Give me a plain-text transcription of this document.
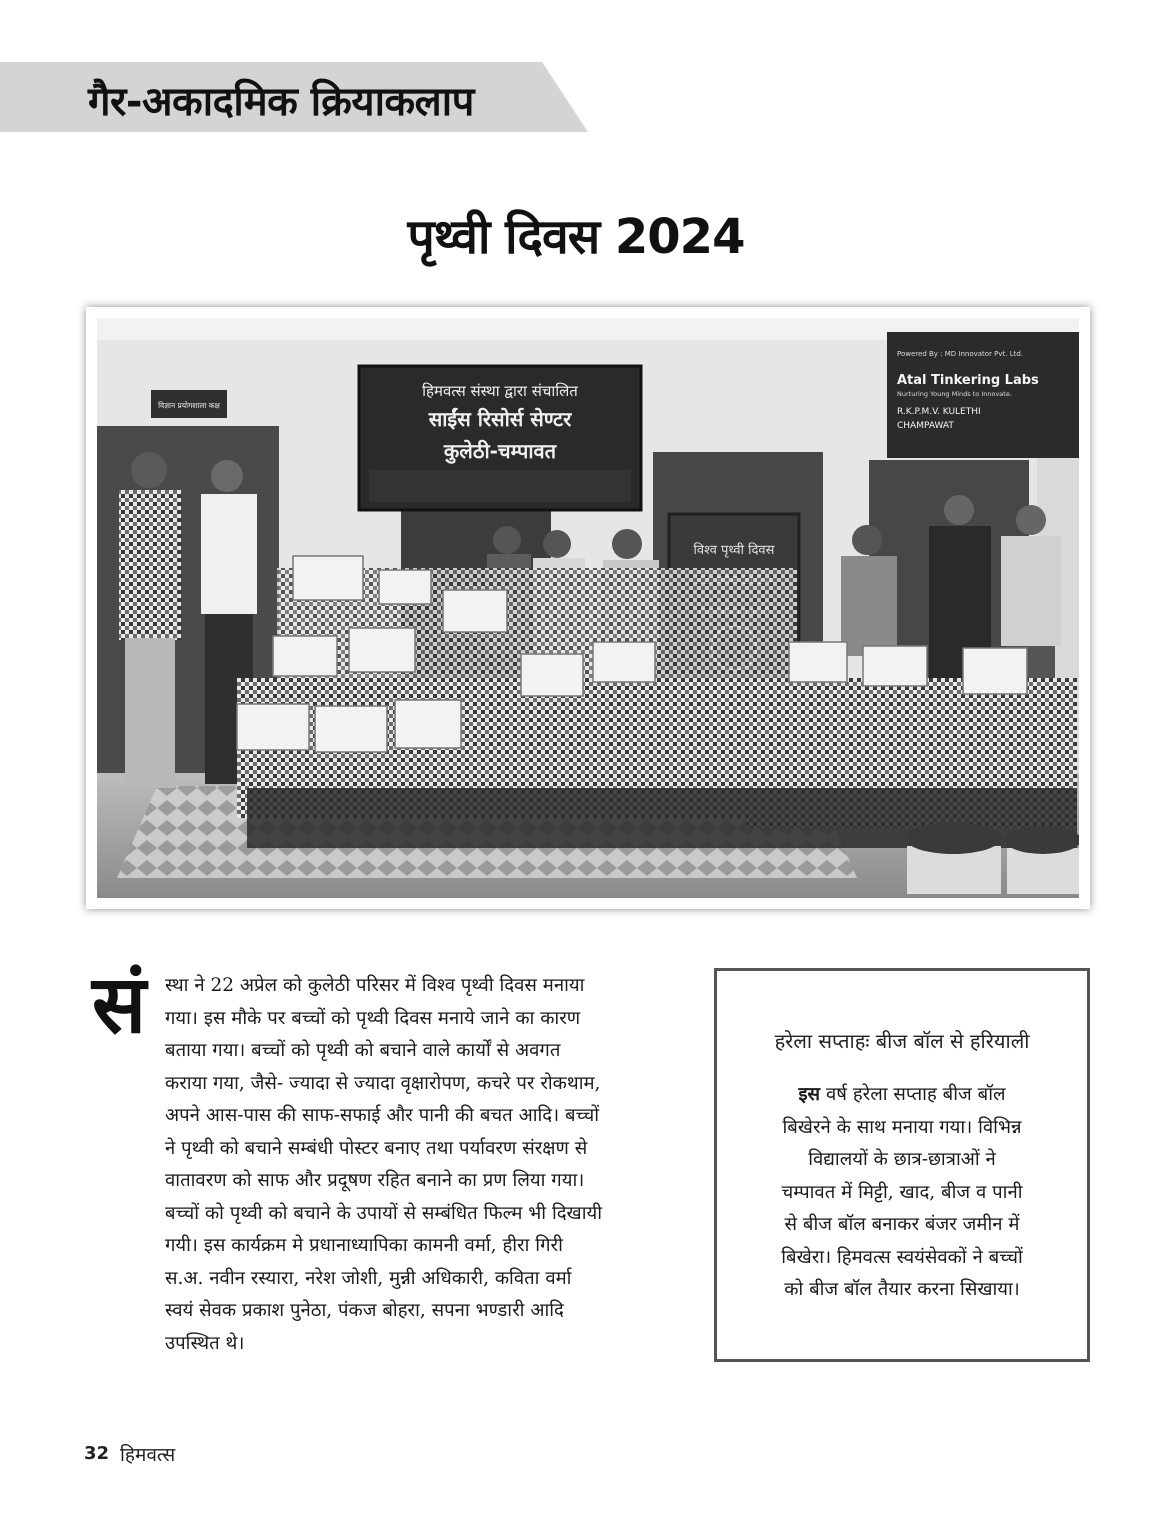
गैर-अकादमिक क्रियाकलाप
पृथ्वी दिवस 2024
हिमवत्स संस्था द्वारा संचालित
साईंस रिसोर्स सेण्टर
कुलेठी-चम्पावत
विज्ञान प्रयोगशाला कक्ष
Powered By : MD Innovator Pvt. Ltd.
Atal Tinkering Labs
Nurturing Young Minds to Innovate.
R.K.P.M.V. KULETHI
CHAMPAWAT
विश्व पृथ्वी दिवस
सं स्था ने 22 अप्रेल को कुलेठी परिसर में विश्व पृथ्वी दिवस मनाया
गया। इस मौके पर बच्चों को पृथ्वी दिवस मनाये जाने का कारण
बताया गया। बच्चों को पृथ्वी को बचाने वाले कार्यों से अवगत
कराया गया, जैसे- ज्यादा से ज्यादा वृक्षारोपण, कचरे पर रोकथाम,
अपने आस-पास की साफ-सफाई और पानी की बचत आदि। बच्चों
ने पृथ्वी को बचाने सम्बंधी पोस्टर बनाए तथा पर्यावरण संरक्षण से
वातावरण को साफ और प्रदूषण रहित बनाने का प्रण लिया गया।
बच्चों को पृथ्वी को बचाने के उपायों से सम्बंधित फिल्म भी दिखायी
गयी। इस कार्यक्रम मे प्रधानाध्यापिका कामनी वर्मा, हीरा गिरी
स.अ. नवीन रस्यारा, नरेश जोशी, मुन्नी अधिकारी, कविता वर्मा
स्वयं सेवक प्रकाश पुनेठा, पंकज बोहरा, सपना भण्डारी आदि
उपस्थित थे।
हरेला सप्ताहः बीज बॉल से हरियाली
इस वर्ष हरेला सप्ताह बीज बॉल
बिखेरने के साथ मनाया गया। विभिन्न
विद्यालयों के छात्र-छात्राओं ने
चम्पावत में मिट्टी, खाद, बीज व पानी
से बीज बॉल बनाकर बंजर जमीन में
बिखेरा। हिमवत्स स्वयंसेवकों ने बच्चों
को बीज बॉल तैयार करना सिखाया।
32 हिमवत्स
